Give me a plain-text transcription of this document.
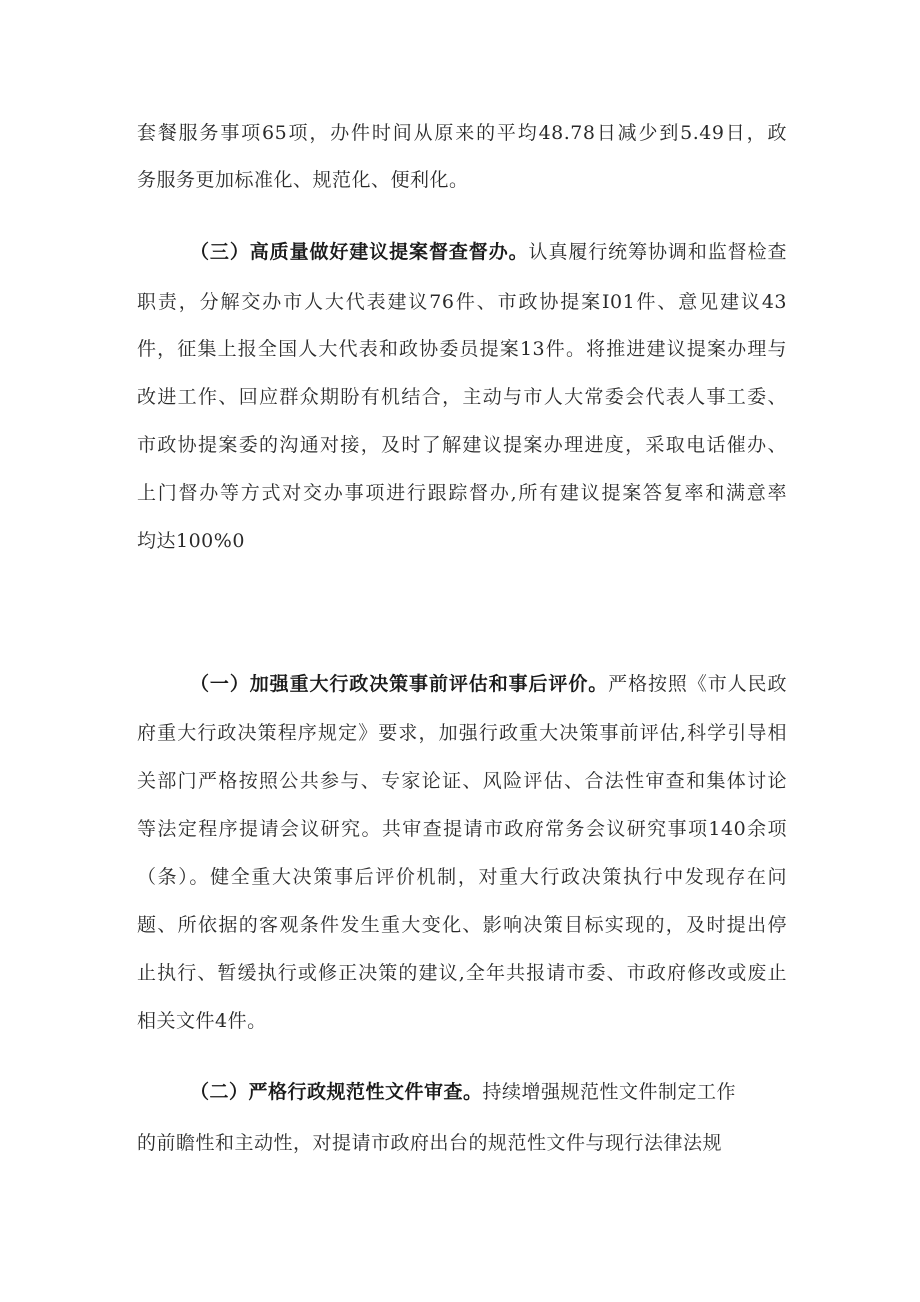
套餐服务事项65项，办件时间从原来的平均48.78日减少到5.49日，政
务服务更加标准化、规范化、便利化。
（三）高质量做好建议提案督查督办。认真履行统筹协调和监督检查
职责，分解交办市人大代表建议76件、市政协提案I01件、意见建议43
件，征集上报全国人大代表和政协委员提案13件。将推进建议提案办理与
改进工作、回应群众期盼有机结合，主动与市人大常委会代表人事工委、
市政协提案委的沟通对接，及时了解建议提案办理进度，采取电话催办、
上门督办等方式对交办事项进行跟踪督办,所有建议提案答复率和满意率
均达100%0
（一）加强重大行政决策事前评估和事后评价。严格按照《市人民政
府重大行政决策程序规定》要求，加强行政重大决策事前评估,科学引导相
关部门严格按照公共参与、专家论证、风险评估、合法性审查和集体讨论
等法定程序提请会议研究。共审查提请市政府常务会议研究事项140余项
（条）。健全重大决策事后评价机制，对重大行政决策执行中发现存在问
题、所依据的客观条件发生重大变化、影响决策目标实现的，及时提出停
止执行、暂缓执行或修正决策的建议,全年共报请市委、市政府修改或废止
相关文件4件。
（二）严格行政规范性文件审查。持续增强规范性文件制定工作
的前瞻性和主动性，对提请市政府出台的规范性文件与现行法律法规
